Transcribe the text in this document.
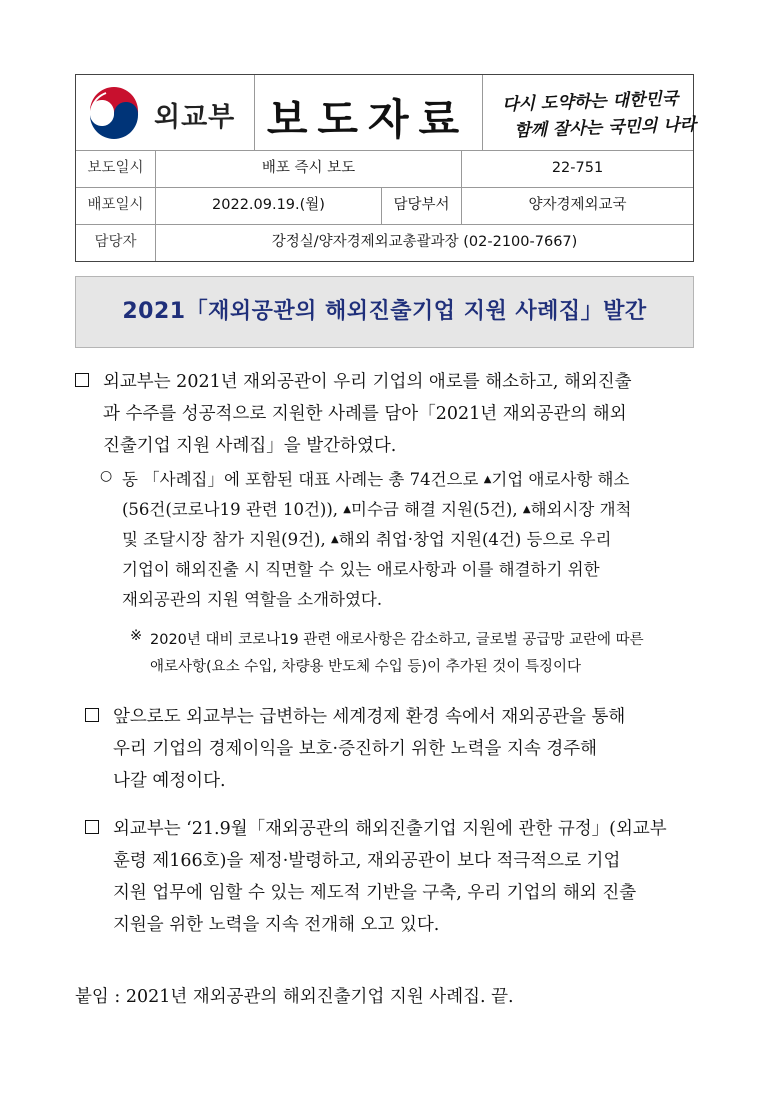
외교부 보도자료	다시 도약하는 대한민국
함께 잘사는 국민의 나라
보도일시	배포 즉시 보도	22-751
배포일시	2022.09.19.(월)	담당부서	양자경제외교국
담당자	강정실/양자경제외교총괄과장 (02-2100-7667)
2021「재외공관의 해외진출기업 지원 사례집」발간
외교부는 2021년 재외공관이 우리 기업의 애로를 해소하고, 해외진출
과 수주를 성공적으로 지원한 사례를 담아「2021년 재외공관의 해외
진출기업 지원 사례집」을 발간하였다.
○ 동 「사례집」에 포함된 대표 사례는 총 74건으로 ▲기업 애로사항 해소
(56건(코로나19 관련 10건)), ▲미수금 해결 지원(5건), ▲해외시장 개척
및 조달시장 참가 지원(9건), ▲해외 취업·창업 지원(4건) 등으로 우리
기업이 해외진출 시 직면할 수 있는 애로사항과 이를 해결하기 위한
재외공관의 지원 역할을 소개하였다.
※ 2020년 대비 코로나19 관련 애로사항은 감소하고, 글로벌 공급망 교란에 따른
애로사항(요소 수입, 차량용 반도체 수입 등)이 추가된 것이 특징이다
앞으로도 외교부는 급변하는 세계경제 환경 속에서 재외공관을 통해
우리 기업의 경제이익을 보호·증진하기 위한 노력을 지속 경주해
나갈 예정이다.
외교부는 ‘21.9월「재외공관의 해외진출기업 지원에 관한 규정」(외교부
훈령 제166호)을 제정·발령하고, 재외공관이 보다 적극적으로 기업
지원 업무에 임할 수 있는 제도적 기반을 구축, 우리 기업의 해외 진출
지원을 위한 노력을 지속 전개해 오고 있다.
붙임 : 2021년 재외공관의 해외진출기업 지원 사례집. 끝.
